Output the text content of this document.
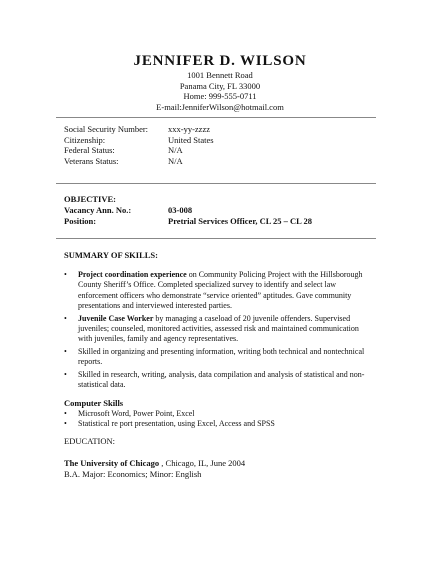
JENNIFER D. WILSON
1001 Bennett Road
Panama City, FL 33000
Home: 999-555-0711
E-mail:JenniferWilson@hotmail.com
Social Security Number:	xxx-yy-zzzz
Citizenship:	United States
Federal Status:	N/A
Veterans Status:	N/A
OBJECTIVE:
Vacancy Ann. No.:	03-008
Position:	Pretrial Services Officer, CL 25 – CL 28
SUMMARY OF SKILLS:
• Project coordination experience on Community Policing Project with the Hillsborough County Sheriff’s Office. Completed specialized survey to identify and select law enforcement officers who demonstrate “service oriented” aptitudes. Gave community presentations and interviewed interested parties.
• Juvenile Case Worker by managing a caseload of 20 juvenile offenders. Supervised juveniles; counseled, monitored activities, assessed risk and maintained communication with juveniles, family and agency representatives.
• Skilled in organizing and presenting information, writing both technical and nontechnical reports.
• Skilled in research, writing, analysis, data compilation and analysis of statistical and non-statistical data.
Computer Skills
• Microsoft Word, Power Point, Excel
• Statistical re port presentation, using Excel, Access and SPSS
EDUCATION:
The University of Chicago , Chicago, IL, June 2004
B.A. Major: Economics; Minor: English
